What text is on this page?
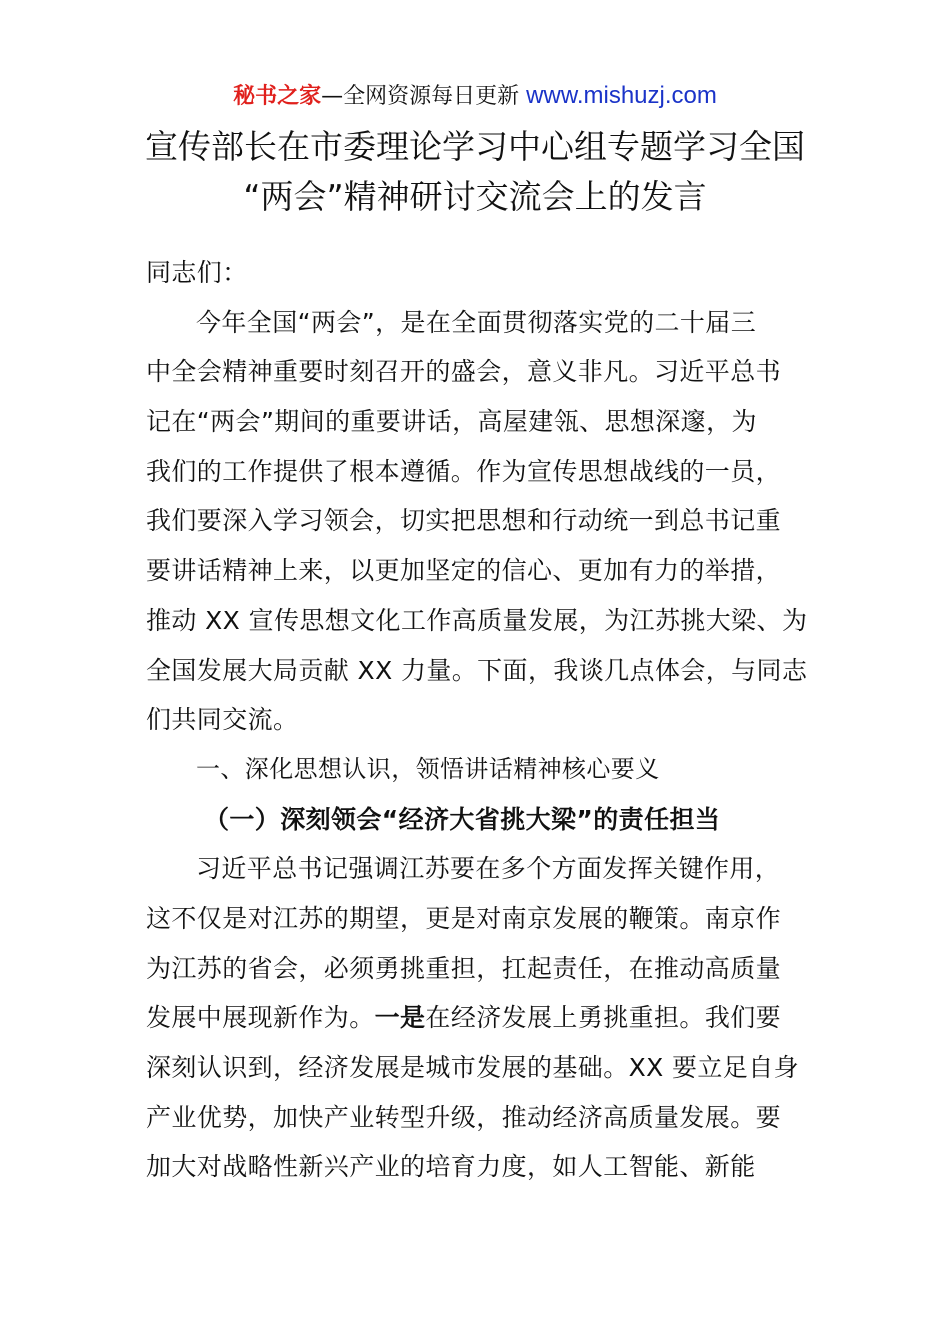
秘书之家—全网资源每日更新 www.mishuzj.com
宣传部长在市委理论学习中心组专题学习全国
“两会”精神研讨交流会上的发言
同志们：
今年全国“两会”，是在全面贯彻落实党的二十届三
中全会精神重要时刻召开的盛会，意义非凡。习近平总书
记在“两会”期间的重要讲话，高屋建瓴、思想深邃，为
我们的工作提供了根本遵循。作为宣传思想战线的一员，
我们要深入学习领会，切实把思想和行动统一到总书记重
要讲话精神上来，以更加坚定的信心、更加有力的举措，
推动 XX 宣传思想文化工作高质量发展，为江苏挑大梁、为
全国发展大局贡献 XX 力量。下面，我谈几点体会，与同志
们共同交流。
一、深化思想认识，领悟讲话精神核心要义
（一）深刻领会“经济大省挑大梁”的责任担当
习近平总书记强调江苏要在多个方面发挥关键作用，
这不仅是对江苏的期望，更是对南京发展的鞭策。南京作
为江苏的省会，必须勇挑重担，扛起责任，在推动高质量
发展中展现新作为。一是在经济发展上勇挑重担。我们要
深刻认识到，经济发展是城市发展的基础。XX 要立足自身
产业优势，加快产业转型升级，推动经济高质量发展。要
加大对战略性新兴产业的培育力度，如人工智能、新能
